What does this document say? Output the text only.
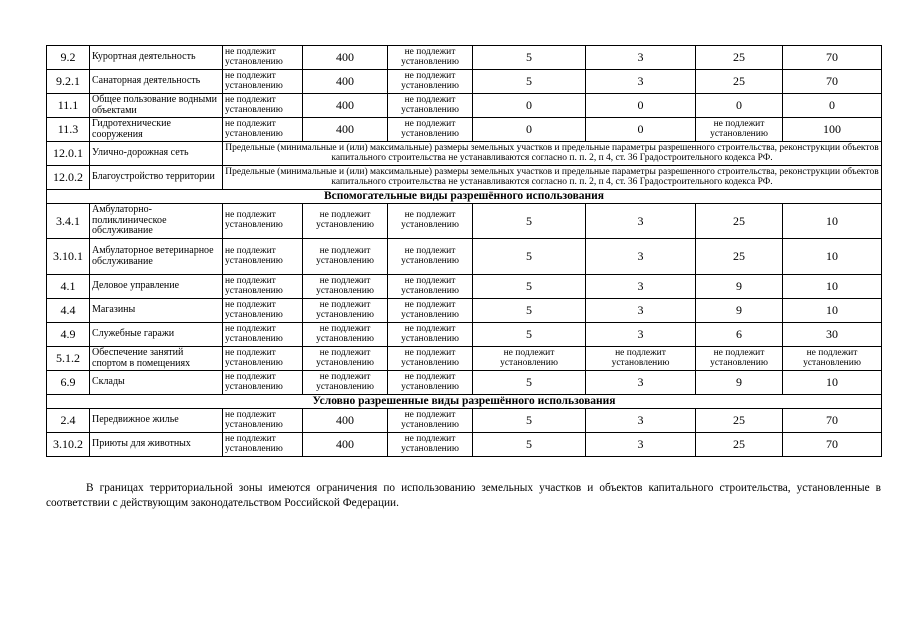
9.2	Курортная деятельность	не подлежит установлению	400	не подлежит установлению	5	3	25	70
9.2.1	Санаторная деятельность	не подлежит установлению	400	не подлежит установлению	5	3	25	70
11.1	Общее пользование водными объектами	не подлежит установлению	400	не подлежит установлению	0	0	0	0
11.3	Гидротехнические сооружения	не подлежит установлению	400	не подлежит установлению	0	0	не подлежит установлению	100
12.0.1	Улично-дорожная сеть	Предельные (минимальные и (или) максимальные) размеры земельных участков и предельные параметры разрешенного строительства, реконструкции объектов капитального строительства не устанавливаются согласно п. п. 2, п 4, ст. 36 Градостроительного кодекса РФ.						
12.0.2	Благоустройство территории	Предельные (минимальные и (или) максимальные) размеры земельных участков и предельные параметры разрешенного строительства, реконструкции объектов капитального строительства не устанавливаются согласно п. п. 2, п 4, ст. 36 Градостроительного кодекса РФ.						
Вспомогательные виды разрешённого использования								
3.4.1	Амбулаторно-поликлиническое обслуживание	не подлежит установлению	не подлежит установлению	не подлежит установлению	5	3	25	10
3.10.1	Амбулаторное ветеринарное обслуживание	не подлежит установлению	не подлежит установлению	не подлежит установлению	5	3	25	10
4.1	Деловое управление	не подлежит установлению	не подлежит установлению	не подлежит установлению	5	3	9	10
4.4	Магазины	не подлежит установлению	не подлежит установлению	не подлежит установлению	5	3	9	10
4.9	Служебные гаражи	не подлежит установлению	не подлежит установлению	не подлежит установлению	5	3	6	30
5.1.2	Обеспечение занятий спортом в помещениях	не подлежит установлению	не подлежит установлению	не подлежит установлению	не подлежит установлению	не подлежит установлению	не подлежит установлению	не подлежит установлению
6.9	Склады	не подлежит установлению	не подлежит установлению	не подлежит установлению	5	3	9	10
Условно разрешенные виды разрешённого использования								
2.4	Передвижное жилье	не подлежит установлению	400	не подлежит установлению	5	3	25	70
3.10.2	Приюты для животных	не подлежит установлению	400	не подлежит установлению	5	3	25	70

В границах территориальной зоны имеются ограничения по использованию земельных участков и объектов капитального строительства, установленные в соответствии с действующим законодательством Российской Федерации.
